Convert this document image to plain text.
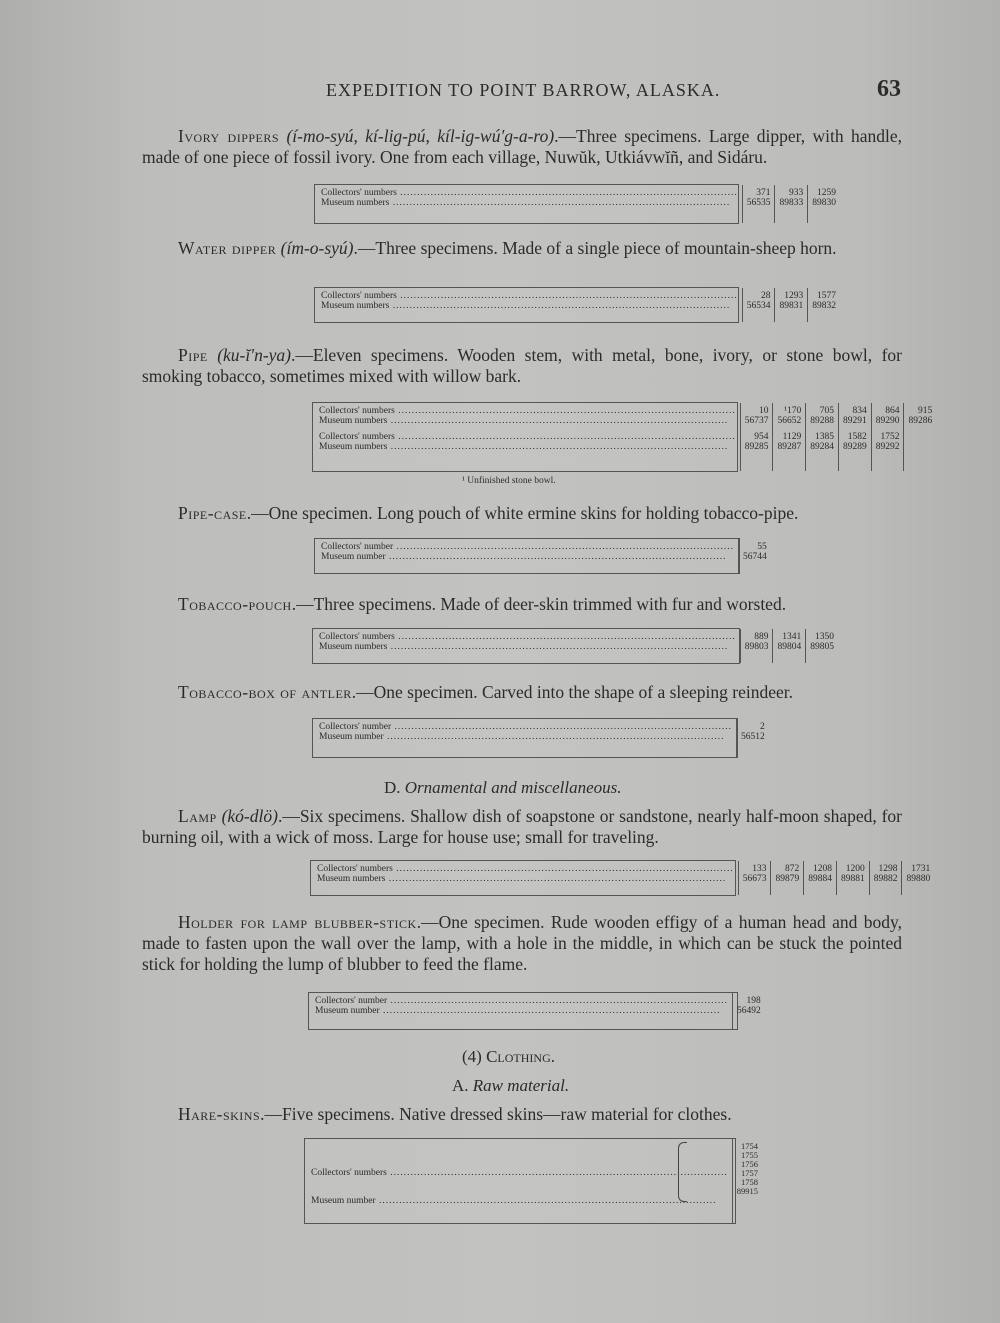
EXPEDITION TO POINT BARROW, ALASKA.	63

Ivory dippers (í-mo-syú, kí-lig-pú, kíl-ig-wú′g-a-ro).—Three specimens. Large dipper, with handle, made of one piece of fossil ivory. One from each village, Nuwŭk, Utkiávwĭñ, and Sidáru.

Collectors' numbers .....
Museum numbers .....
371
56535
933
89833
1259
89830

Water dipper (ím-o-syú).—Three specimens. Made of a single piece of mountain-sheep horn.

Collectors' numbers .....
Museum numbers .....
28
56534
1293
89831
1577
89832

Pipe (ku-ĭ′n-ya).—Eleven specimens. Wooden stem, with metal, bone, ivory, or stone bowl, for smoking tobacco, sometimes mixed with willow bark.

Collectors' numbers .....
Museum numbers .....
Collectors' numbers .....
Museum numbers .....
10
56737
954
89285
¹170
56652
1129
89287
705
89288
1385
89284
834
89291
1582
89289
864
89290
1752
89292
915
89286
¹ Unfinished stone bowl.

Pipe-case.—One specimen. Long pouch of white ermine skins for holding tobacco-pipe.

Collectors' number .....
Museum number .....
55
56744

Tobacco-pouch.—Three specimens. Made of deer-skin trimmed with fur and worsted.

Collectors' numbers .....
Museum numbers .....
889
89803
1341
89804
1350
89805

Tobacco-box of antler.—One specimen. Carved into the shape of a sleeping reindeer.

Collectors' number .....
Museum number .....
2
56512
D. Ornamental and miscellaneous.

Lamp (kó-dlö).—Six specimens. Shallow dish of soapstone or sandstone, nearly half-moon shaped, for burning oil, with a wick of moss. Large for house use; small for traveling.

Collectors' numbers .....
Museum numbers .....
133
56673
872
89879
1208
89884
1200
89881
1298
89882
1731
89880

Holder for lamp blubber-stick.—One specimen. Rude wooden effigy of a human head and body, made to fasten upon the wall over the lamp, with a hole in the middle, in which can be stuck the pointed stick for holding the lump of blubber to feed the flame.

Collectors' number .....
Museum number .....
198
56492
(4) Clothing.
A. Raw material.

Hare-skins.—Five specimens. Native dressed skins—raw material for clothes.

Collectors' numbers .....
Museum number .....
1754
1755
1756
1757
1758
89915
